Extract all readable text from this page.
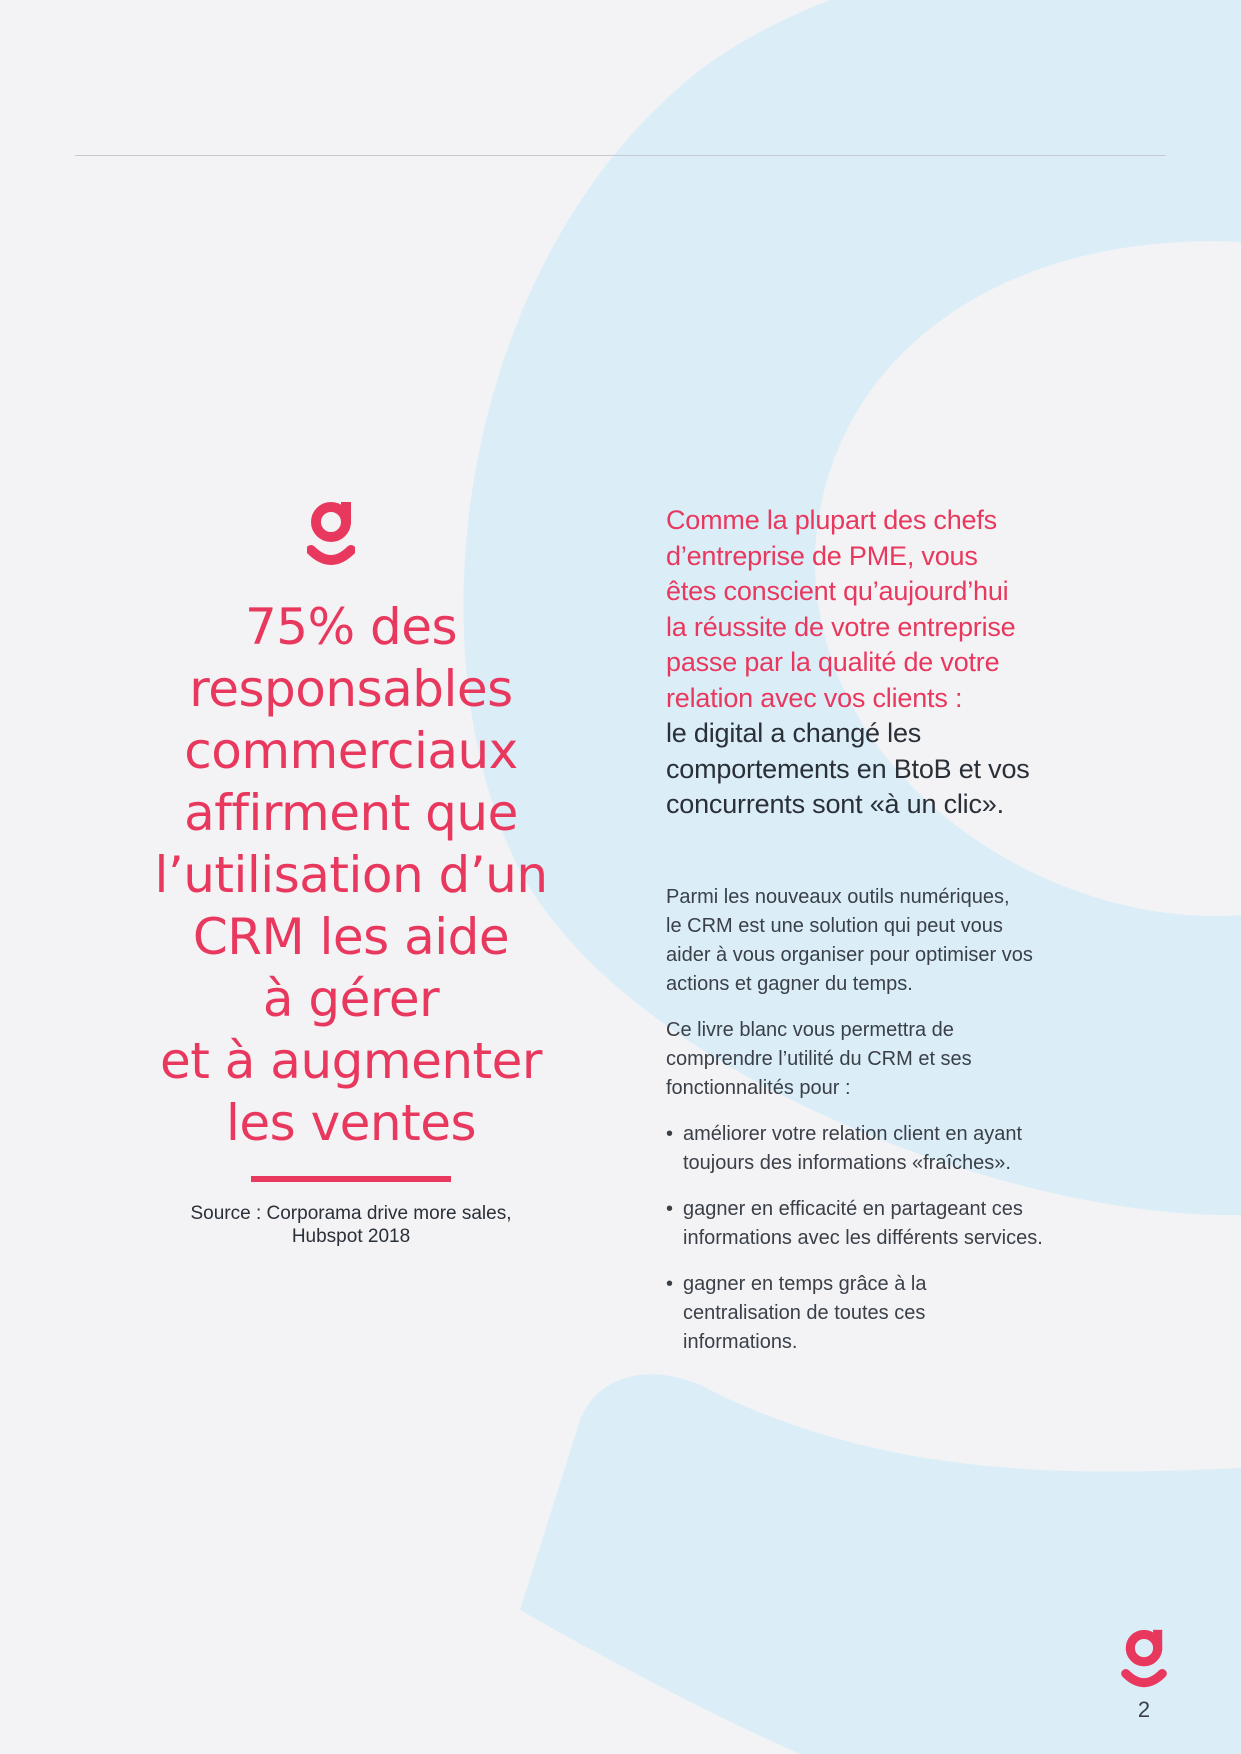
75% des
responsables
commerciaux
affirment que
l’utilisation d’un
CRM les aide
à gérer
et à augmenter
les ventes
Source : Corporama drive more sales,
Hubspot 2018

Comme la plupart des chefs
d’entreprise de PME, vous
êtes conscient qu’aujourd’hui
la réussite de votre entreprise
passe par la qualité de votre
relation avec vos clients :
le digital a changé les
comportements en BtoB et vos
concurrents sont «à un clic».

Parmi les nouveaux outils numériques,
le CRM est une solution qui peut vous
aider à vous organiser pour optimiser vos
actions et gagner du temps.

Ce livre blanc vous permettra de
comprendre l’utilité du CRM et ses
fonctionnalités pour :

• améliorer votre relation client en ayant
toujours des informations «fraîches».
• gagner en efficacité en partageant ces
informations avec les différents services.
• gagner en temps grâce à la
centralisation de toutes ces
informations.
2
